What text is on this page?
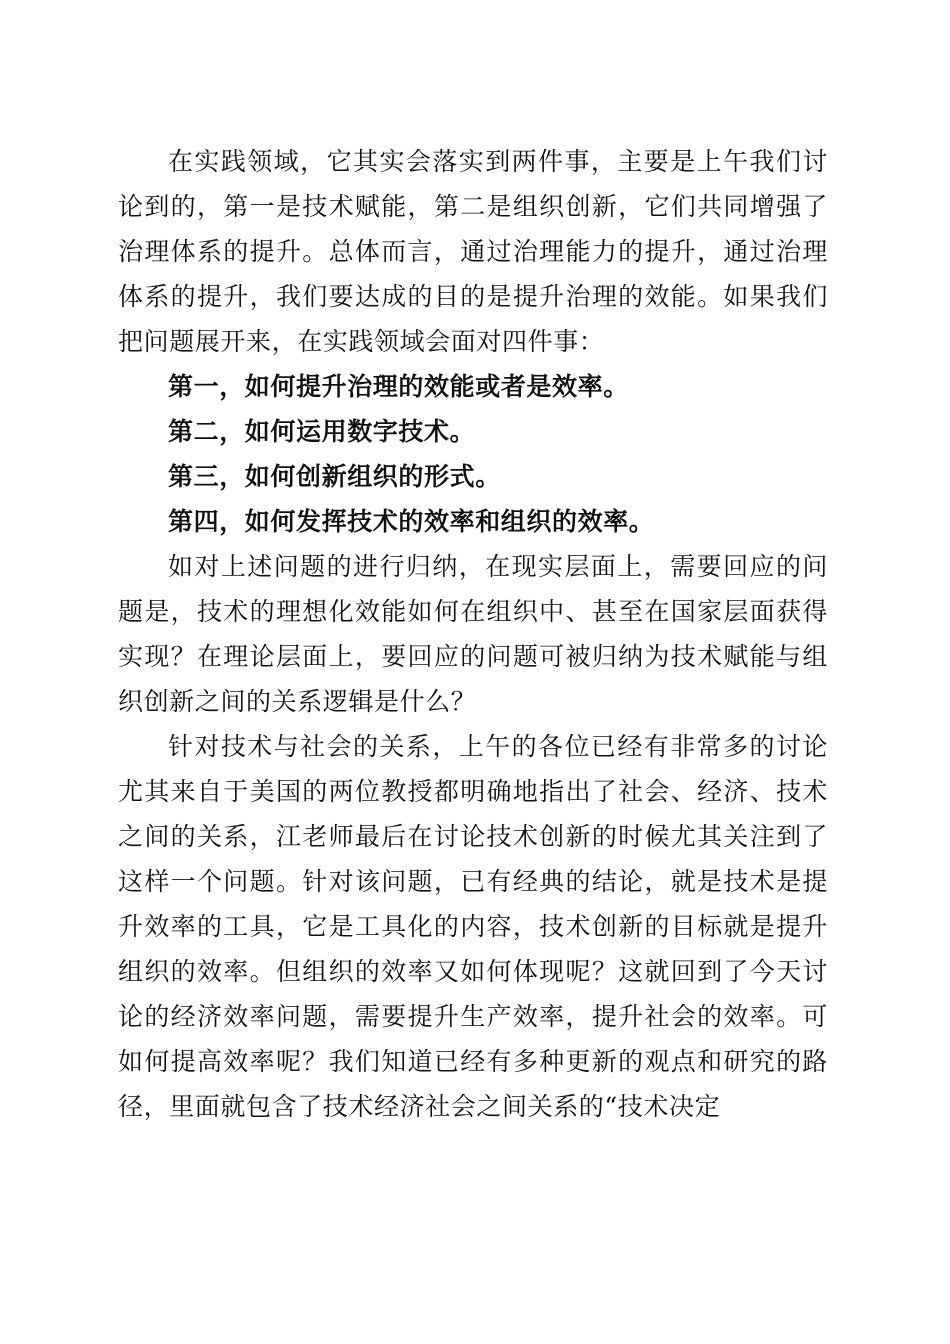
在实践领域，它其实会落实到两件事，主要是上午我们讨论到的，第一是技术赋能，第二是组织创新，它们共同增强了治理体系的提升。总体而言，通过治理能力的提升，通过治理体系的提升，我们要达成的目的是提升治理的效能。如果我们把问题展开来，在实践领域会面对四件事：

第一，如何提升治理的效能或者是效率。

第二，如何运用数字技术。

第三，如何创新组织的形式。

第四，如何发挥技术的效率和组织的效率。

如对上述问题的进行归纳，在现实层面上，需要回应的问题是，技术的理想化效能如何在组织中、甚至在国家层面获得实现？在理论层面上，要回应的问题可被归纳为技术赋能与组织创新之间的关系逻辑是什么？

针对技术与社会的关系，上午的各位已经有非常多的讨论尤其来自于美国的两位教授都明确地指出了社会、经济、技术之间的关系，江老师最后在讨论技术创新的时候尤其关注到了这样一个问题。针对该问题，已有经典的结论，就是技术是提升效率的工具，它是工具化的内容，技术创新的目标就是提升组织的效率。但组织的效率又如何体现呢？这就回到了今天讨论的经济效率问题，需要提升生产效率，提升社会的效率。可如何提高效率呢？我们知道已经有多种更新的观点和研究的路径，里面就包含了技术经济社会之间关系的“技术决定
